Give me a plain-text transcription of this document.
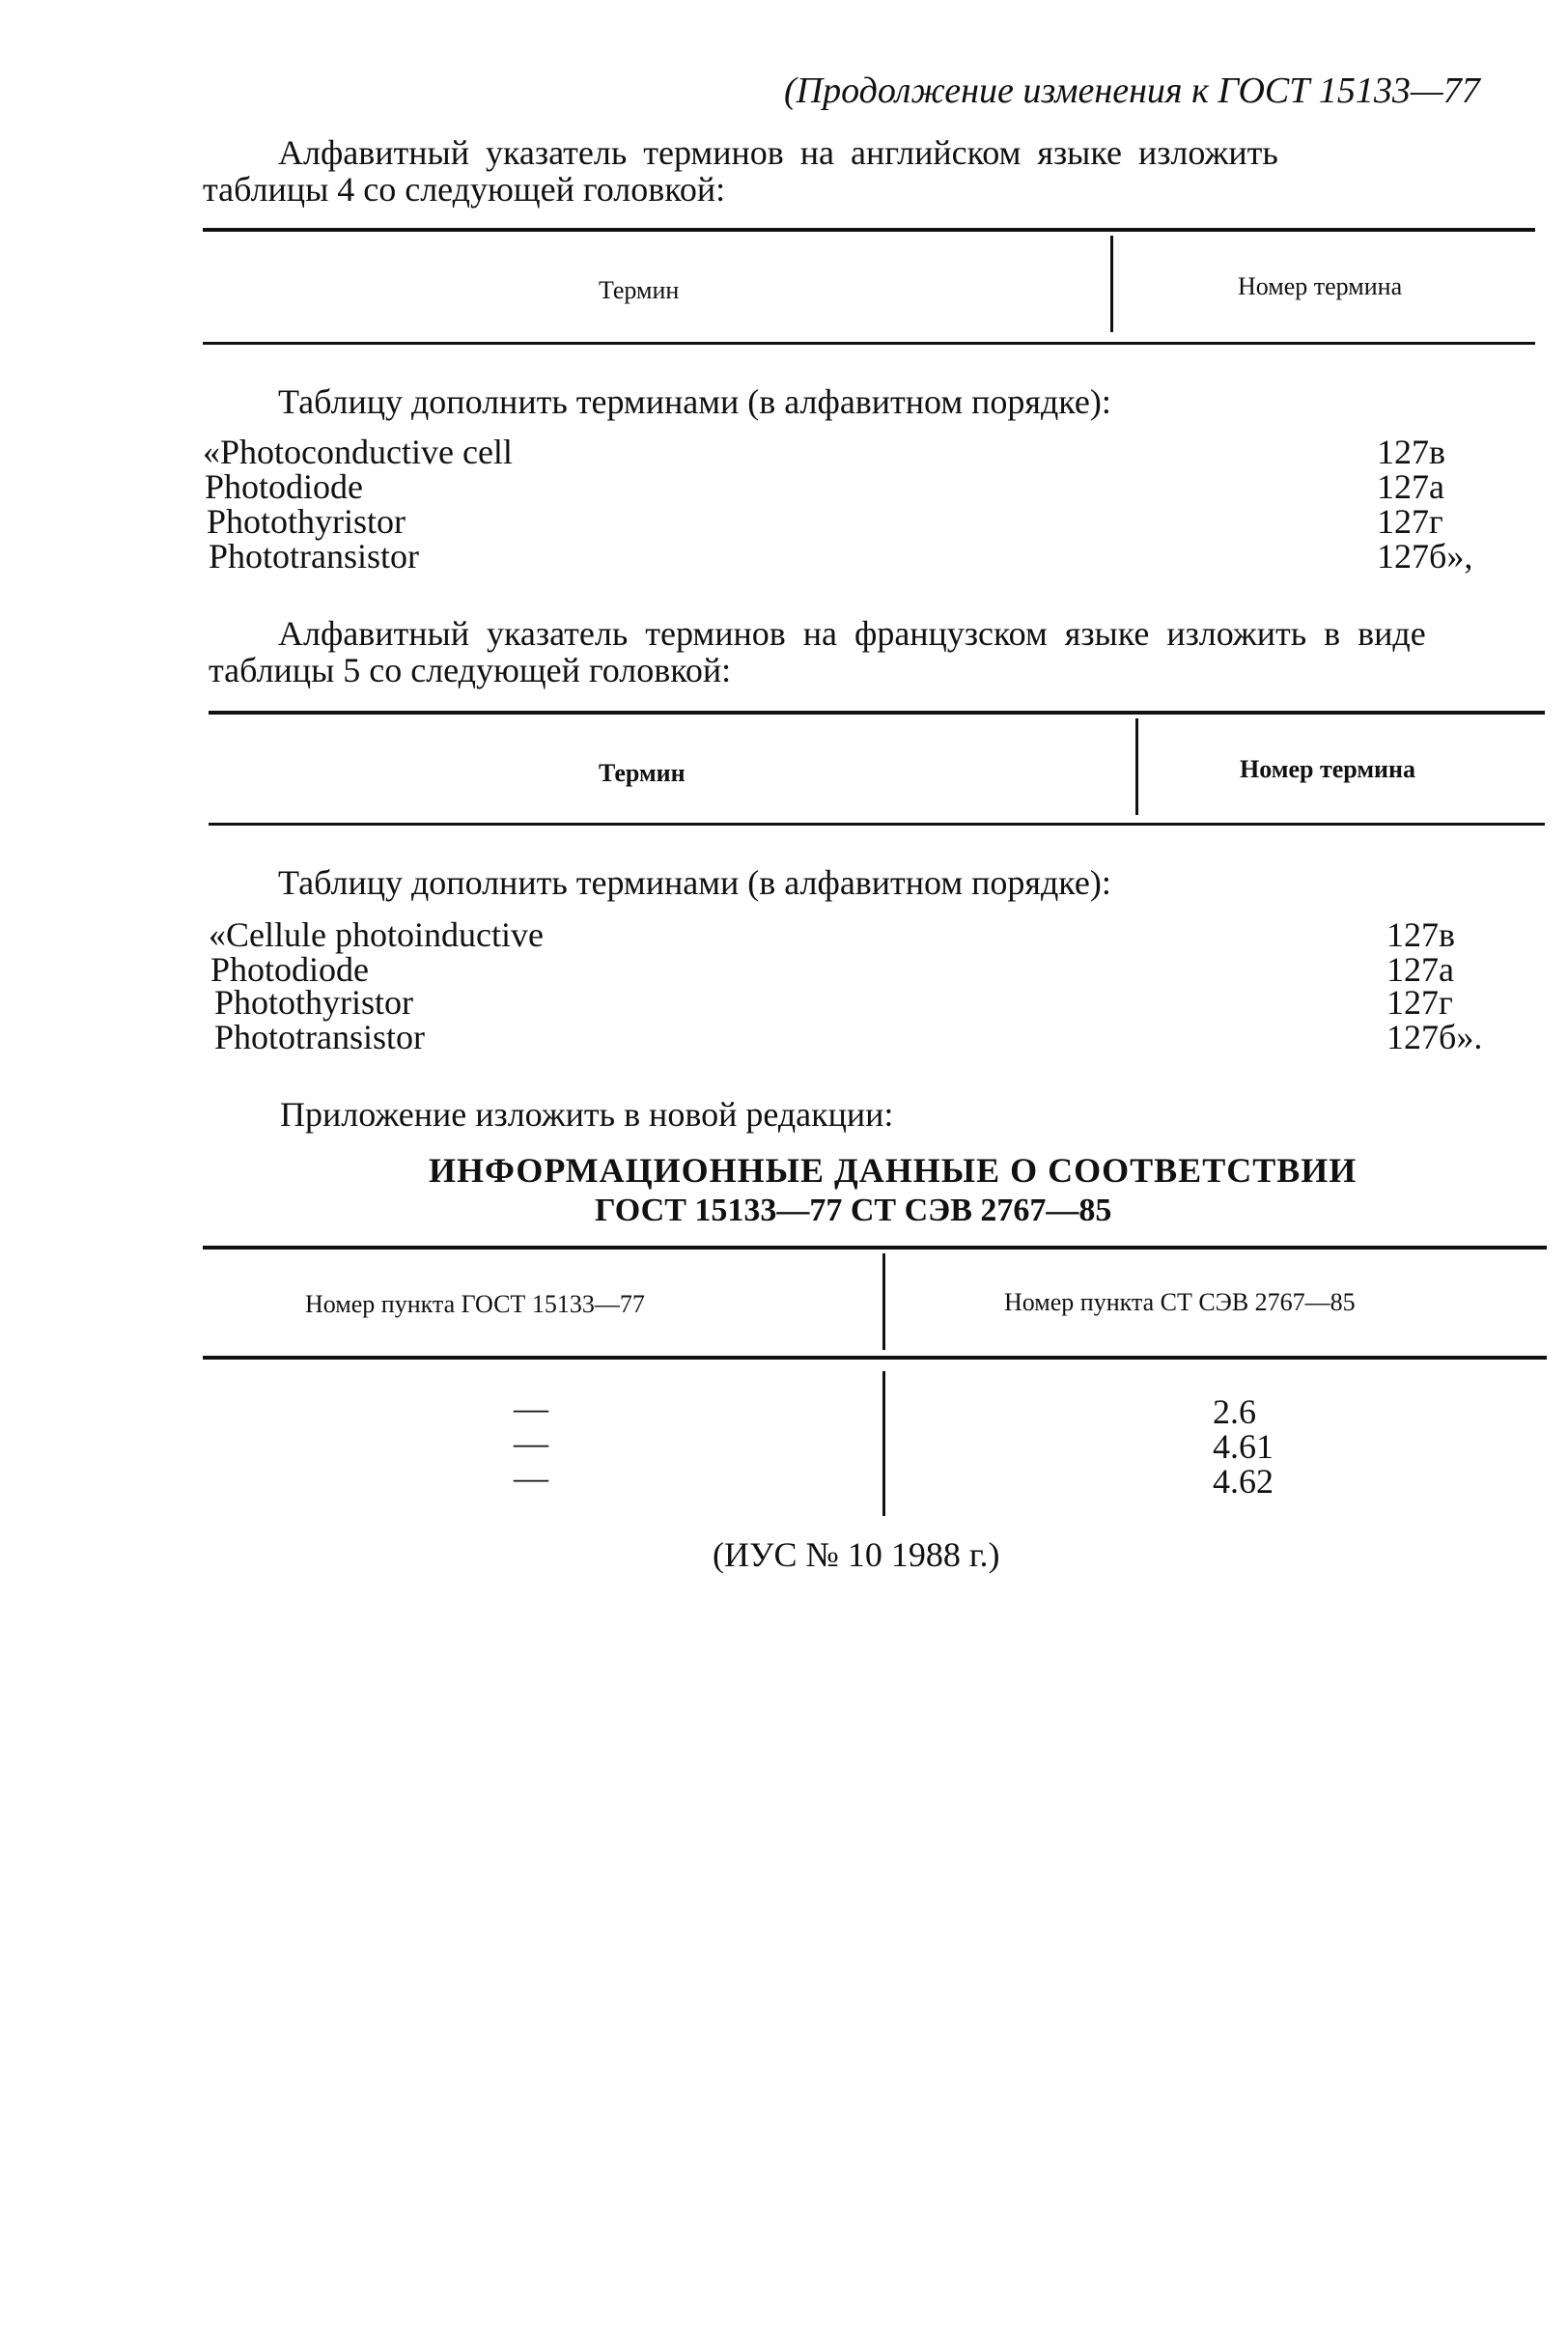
(Продолжение изменения к ГОСТ 15133—77
Алфавитный указатель терминов на английском языке изложить
таблицы 4 со следующей головкой:
Термин	Номер термина
Таблицу дополнить терминами (в алфавитном порядке):
«Photoconductive cell	127в
Photodiode	127а
Photothyristor	127г
Phototransistor	127б»,
Алфавитный указатель терминов на французском языке изложить в виде
таблицы 5 со следующей головкой:
Термин	Номер термина
Таблицу дополнить терминами (в алфавитном порядке):
«Cellule photoinductive	127в
Photodiode	127а
Photothyristor	127г
Phototransistor	127б».
Приложение изложить в новой редакции:
ИНФОРМАЦИОННЫЕ ДАННЫЕ О СООТВЕТСТВИИ
ГОСТ 15133—77 СТ СЭВ 2767—85
Номер пункта ГОСТ 15133—77	Номер пункта СТ СЭВ 2767—85
—	2.6
—	4.61
—	4.62
(ИУС № 10 1988 г.)
